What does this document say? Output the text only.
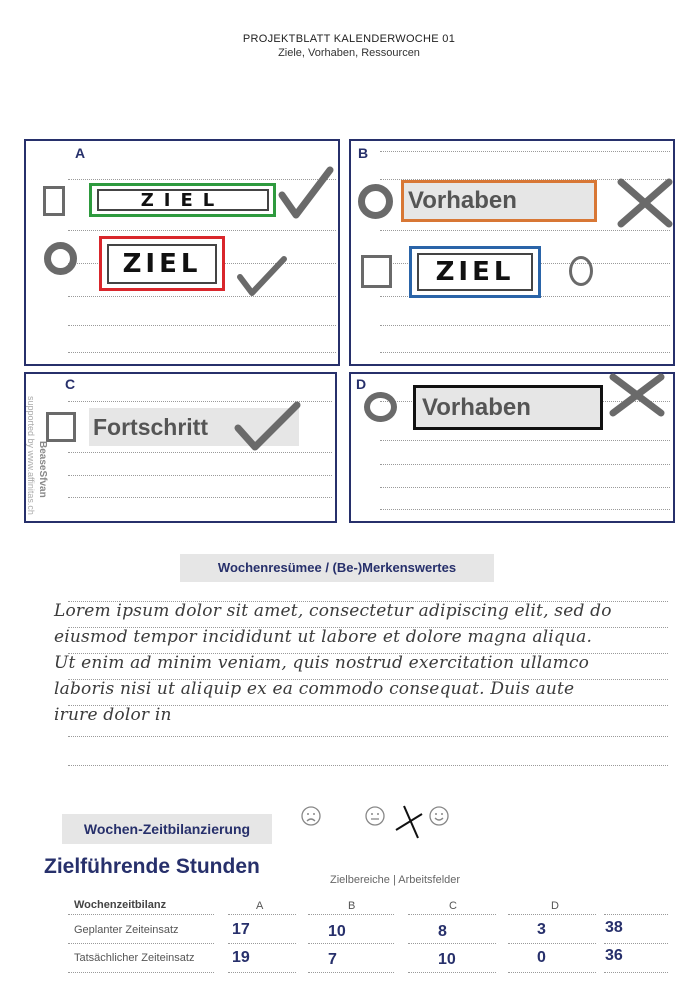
PROJEKTBLATT KALENDERWOCHE 01
Ziele, Vorhaben, Ressourcen
A
ZIEL
ZIEL
B
Vorhaben
ZIEL
C
Fortschritt
supported by www.affinitas.ch BeaseSfvan
D
Vorhaben
Wochenresümee / (Be-)Merkenswertes
Lorem ipsum dolor sit amet, consectetur adipiscing elit, sed do
eiusmod tempor incididunt ut labore et dolore magna aliqua.
Ut enim ad minim veniam, quis nostrud exercitation ullamco
laboris nisi ut aliquip ex ea commodo consequat. Duis aute
irure dolor in
Wochen-Zeitbilanzierung
Zielführende Stunden
Zielbereiche | Arbeitsfelder
Wochenzeitbilanz	A	B	C	D
Geplanter Zeiteinsatz	17	10	8	3	38
Tatsächlicher Zeiteinsatz 19	7	10	0	36
